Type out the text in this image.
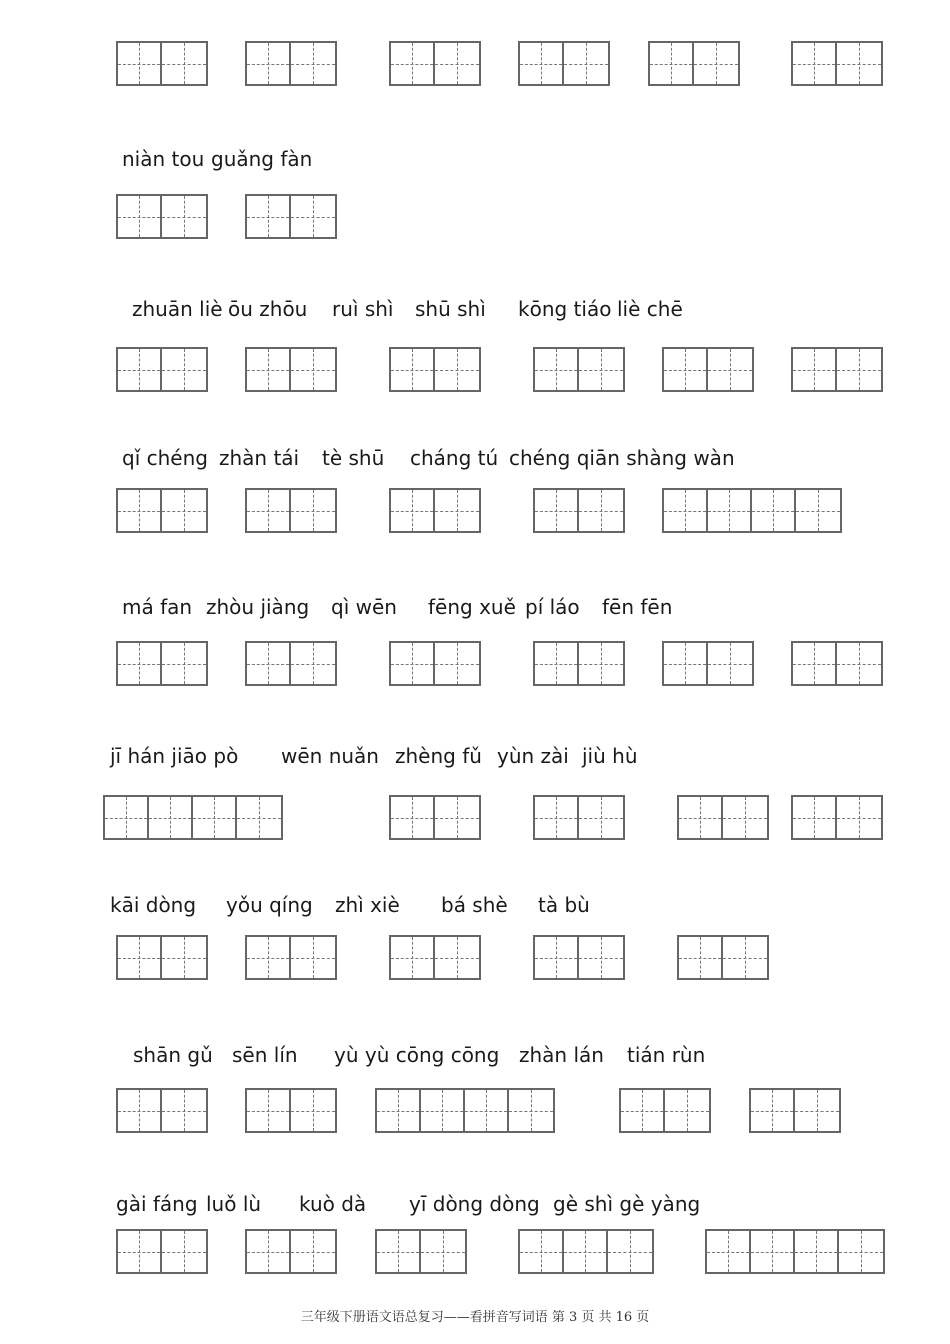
niàn tou guǎng fàn
zhuān liè ōu zhōu ruì shì shū shì kōng tiáo liè chē
qǐ chéng zhàn tái tè shū cháng tú chéng qiān shàng wàn
má fan zhòu jiàng qì wēn fēng xuě pí láo fēn fēn
jī hán jiāo pò wēn nuǎn zhèng fǔ yùn zài jiù hù
kāi dòng yǒu qíng zhì xiè bá shè tà bù
shān gǔ sēn lín yù yù cōng cōng zhàn lán tián rùn
gài fáng luǒ lù kuò dà yī dòng dòng gè shì gè yàng
三年级下册语文语总复习——看拼音写词语 第 3 页 共 16 页
